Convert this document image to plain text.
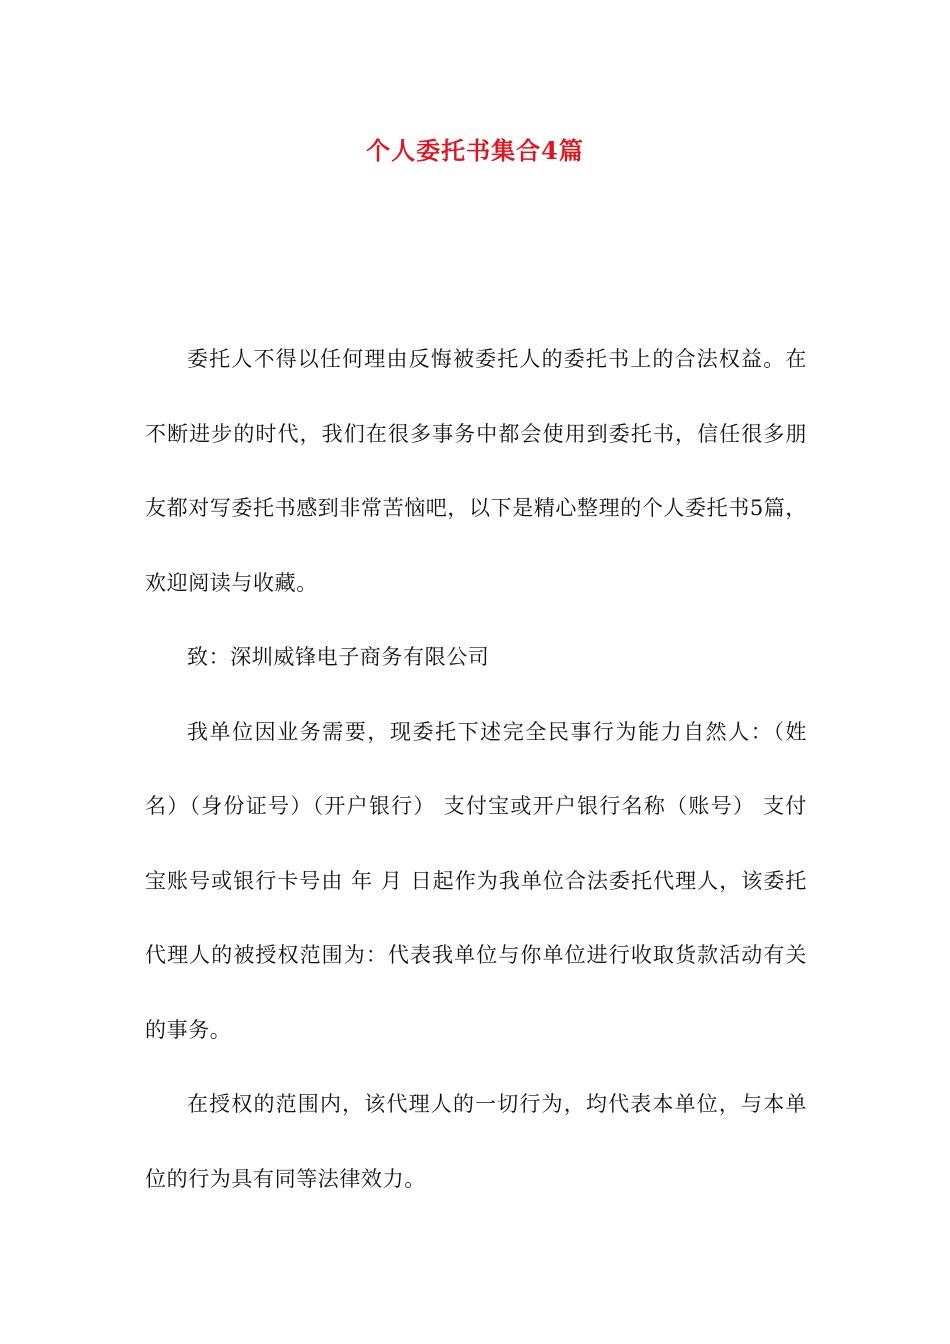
个人委托书集合4篇

委托人不得以任何理由反悔被委托人的委托书上的合法权益。在不断进步的时代，我们在很多事务中都会使用到委托书，信任很多朋友都对写委托书感到非常苦恼吧，以下是精心整理的个人委托书5篇，欢迎阅读与收藏。

致：深圳威锋电子商务有限公司

我单位因业务需要，现委托下述完全民事行为能力自然人：（姓名）（身份证号）（开户银行） 支付宝或开户银行名称（账号） 支付宝账号或银行卡号由 年 月 日起作为我单位合法委托代理人，该委托代理人的被授权范围为：代表我单位与你单位进行收取货款活动有关的事务。

在授权的范围内，该代理人的一切行为，均代表本单位，与本单位的行为具有同等法律效力。
